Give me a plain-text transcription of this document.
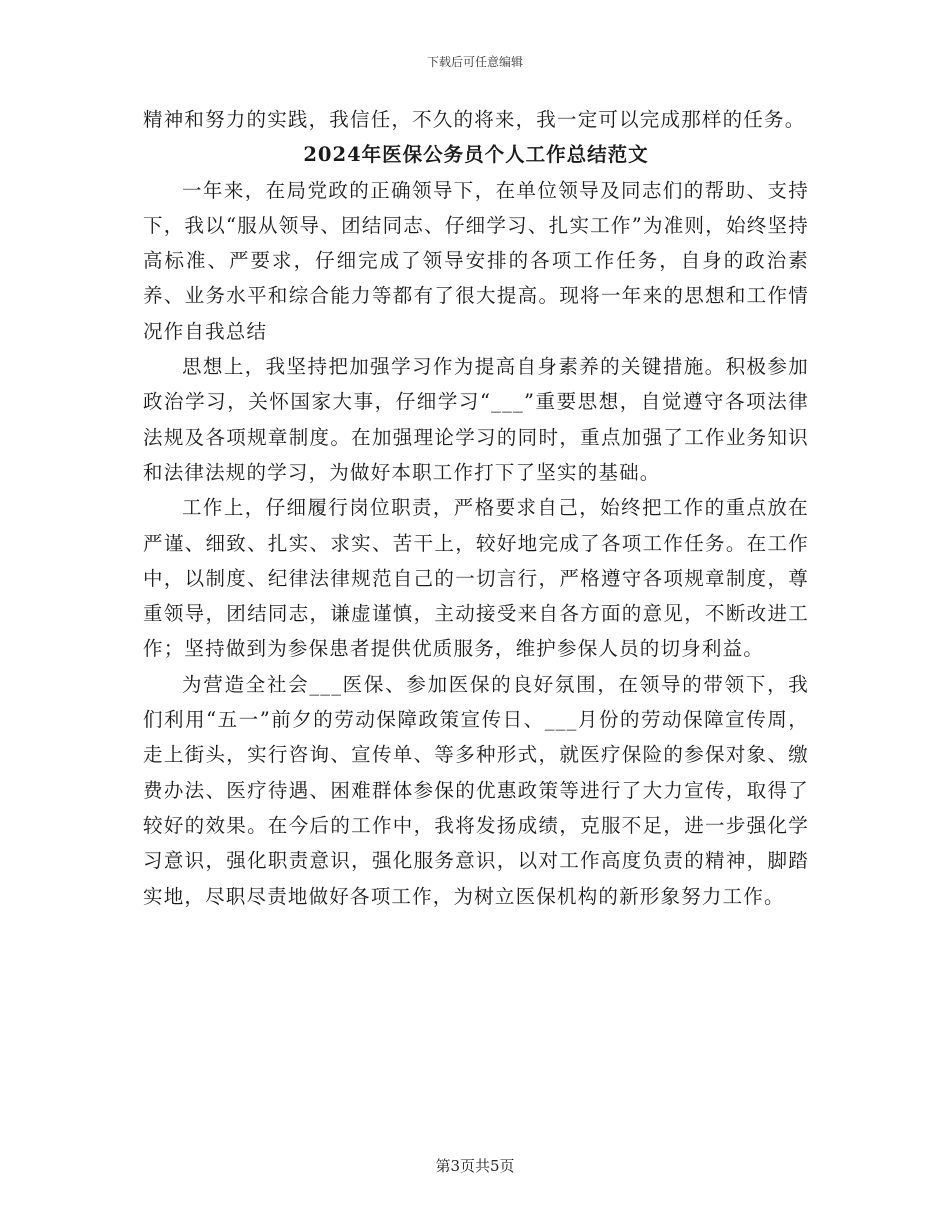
下载后可任意编辑

精神和努力的实践，我信任，不久的将来，我一定可以完成那样的任务。

2024年医保公务员个人工作总结范文

一年来，在局党政的正确领导下，在单位领导及同志们的帮助、支持下，我以“服从领导、团结同志、仔细学习、扎实工作”为准则，始终坚持高标准、严要求，仔细完成了领导安排的各项工作任务，自身的政治素养、业务水平和综合能力等都有了很大提高。现将一年来的思想和工作情况作自我总结

思想上，我坚持把加强学习作为提高自身素养的关键措施。积极参加政治学习，关怀国家大事，仔细学习“___”重要思想，自觉遵守各项法律法规及各项规章制度。在加强理论学习的同时，重点加强了工作业务知识和法律法规的学习，为做好本职工作打下了坚实的基础。

工作上，仔细履行岗位职责，严格要求自己，始终把工作的重点放在严谨、细致、扎实、求实、苦干上，较好地完成了各项工作任务。在工作中，以制度、纪律法律规范自己的一切言行，严格遵守各项规章制度，尊重领导，团结同志，谦虚谨慎，主动接受来自各方面的意见，不断改进工作；坚持做到为参保患者提供优质服务，维护参保人员的切身利益。

为营造全社会___医保、参加医保的良好氛围，在领导的带领下，我们利用“五一”前夕的劳动保障政策宣传日、___月份的劳动保障宣传周，走上街头，实行咨询、宣传单、等多种形式，就医疗保险的参保对象、缴费办法、医疗待遇、困难群体参保的优惠政策等进行了大力宣传，取得了较好的效果。在今后的工作中，我将发扬成绩，克服不足，进一步强化学习意识，强化职责意识，强化服务意识，以对工作高度负责的精神，脚踏实地，尽职尽责地做好各项工作，为树立医保机构的新形象努力工作。

第3页共5页
